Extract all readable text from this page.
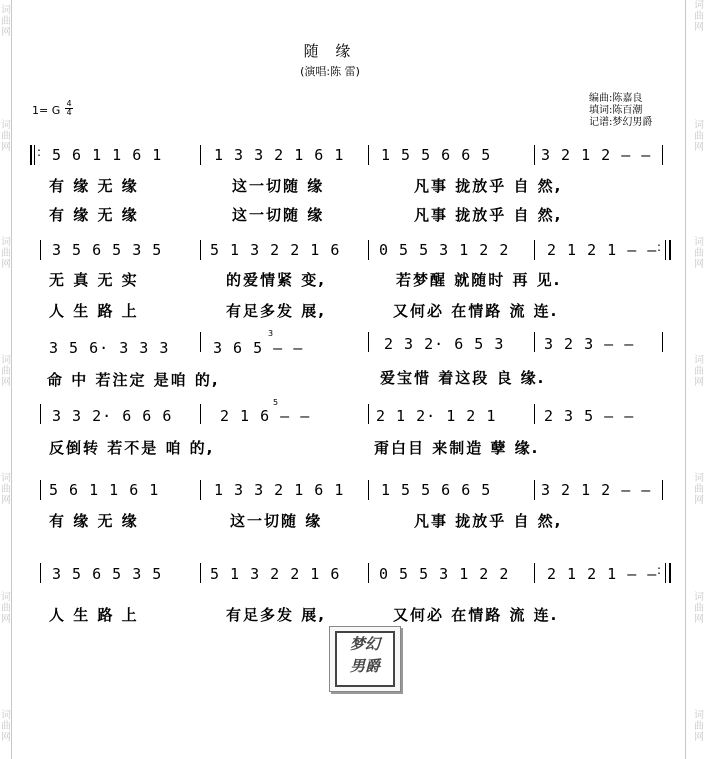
词曲网
词曲网
词曲网
词曲网
词曲网
词曲网
词曲网
词曲网
词曲网
词曲网
词曲网
词曲网
词曲网
词曲网
随 缘
(演唱:陈 雷)
编曲:陈嘉良
填词:陈百潮
记谱:梦幻男爵
1= G
4
4
: 5 6 1 1 6 1	1 3 3 2 1 6 1 1 5 5 6 6 5	3 2 1 2 – –
有 缘 无 缘	这一切随 缘	凡事 拢放乎 自 然,
有 缘 无 缘	这一切随 缘	凡事 拢放乎 自 然,
3 5 6 5 3 5	5 1 3 2 2 1 6	0 5 5 3 1 2 2	2 1 2 1 – – :
无 真 无 实	的爱情紧 变,	若梦醒 就随时 再 见.
人 生 路 上	有足多发 展,	又何必 在情路 流 连.
3 5 6· 3 3 3	3 6 5 – –
3
2 3 2· 6 5 3	3 2 3 – –
命 中 若注定 是咱 的,	爱宝惜 着这段 良 缘.
3 3 2· 6 6 6	2 1 6 – –
5
2 1 2· 1 2 1	2 3 5 – –
反倒转 若不是 咱 的,	甭白目 来制造 孽 缘.
5 6 1 1 6 1	1 3 3 2 1 6 1 1 5 5 6 6 5	3 2 1 2 – –
有 缘 无 缘	这一切随 缘	凡事 拢放乎 自 然,
3 5 6 5 3 5	5 1 3 2 2 1 6	0 5 5 3 1 2 2	2 1 2 1 – – :
人 生 路 上	有足多发 展,	又何必 在情路 流 连.
梦幻
男爵
